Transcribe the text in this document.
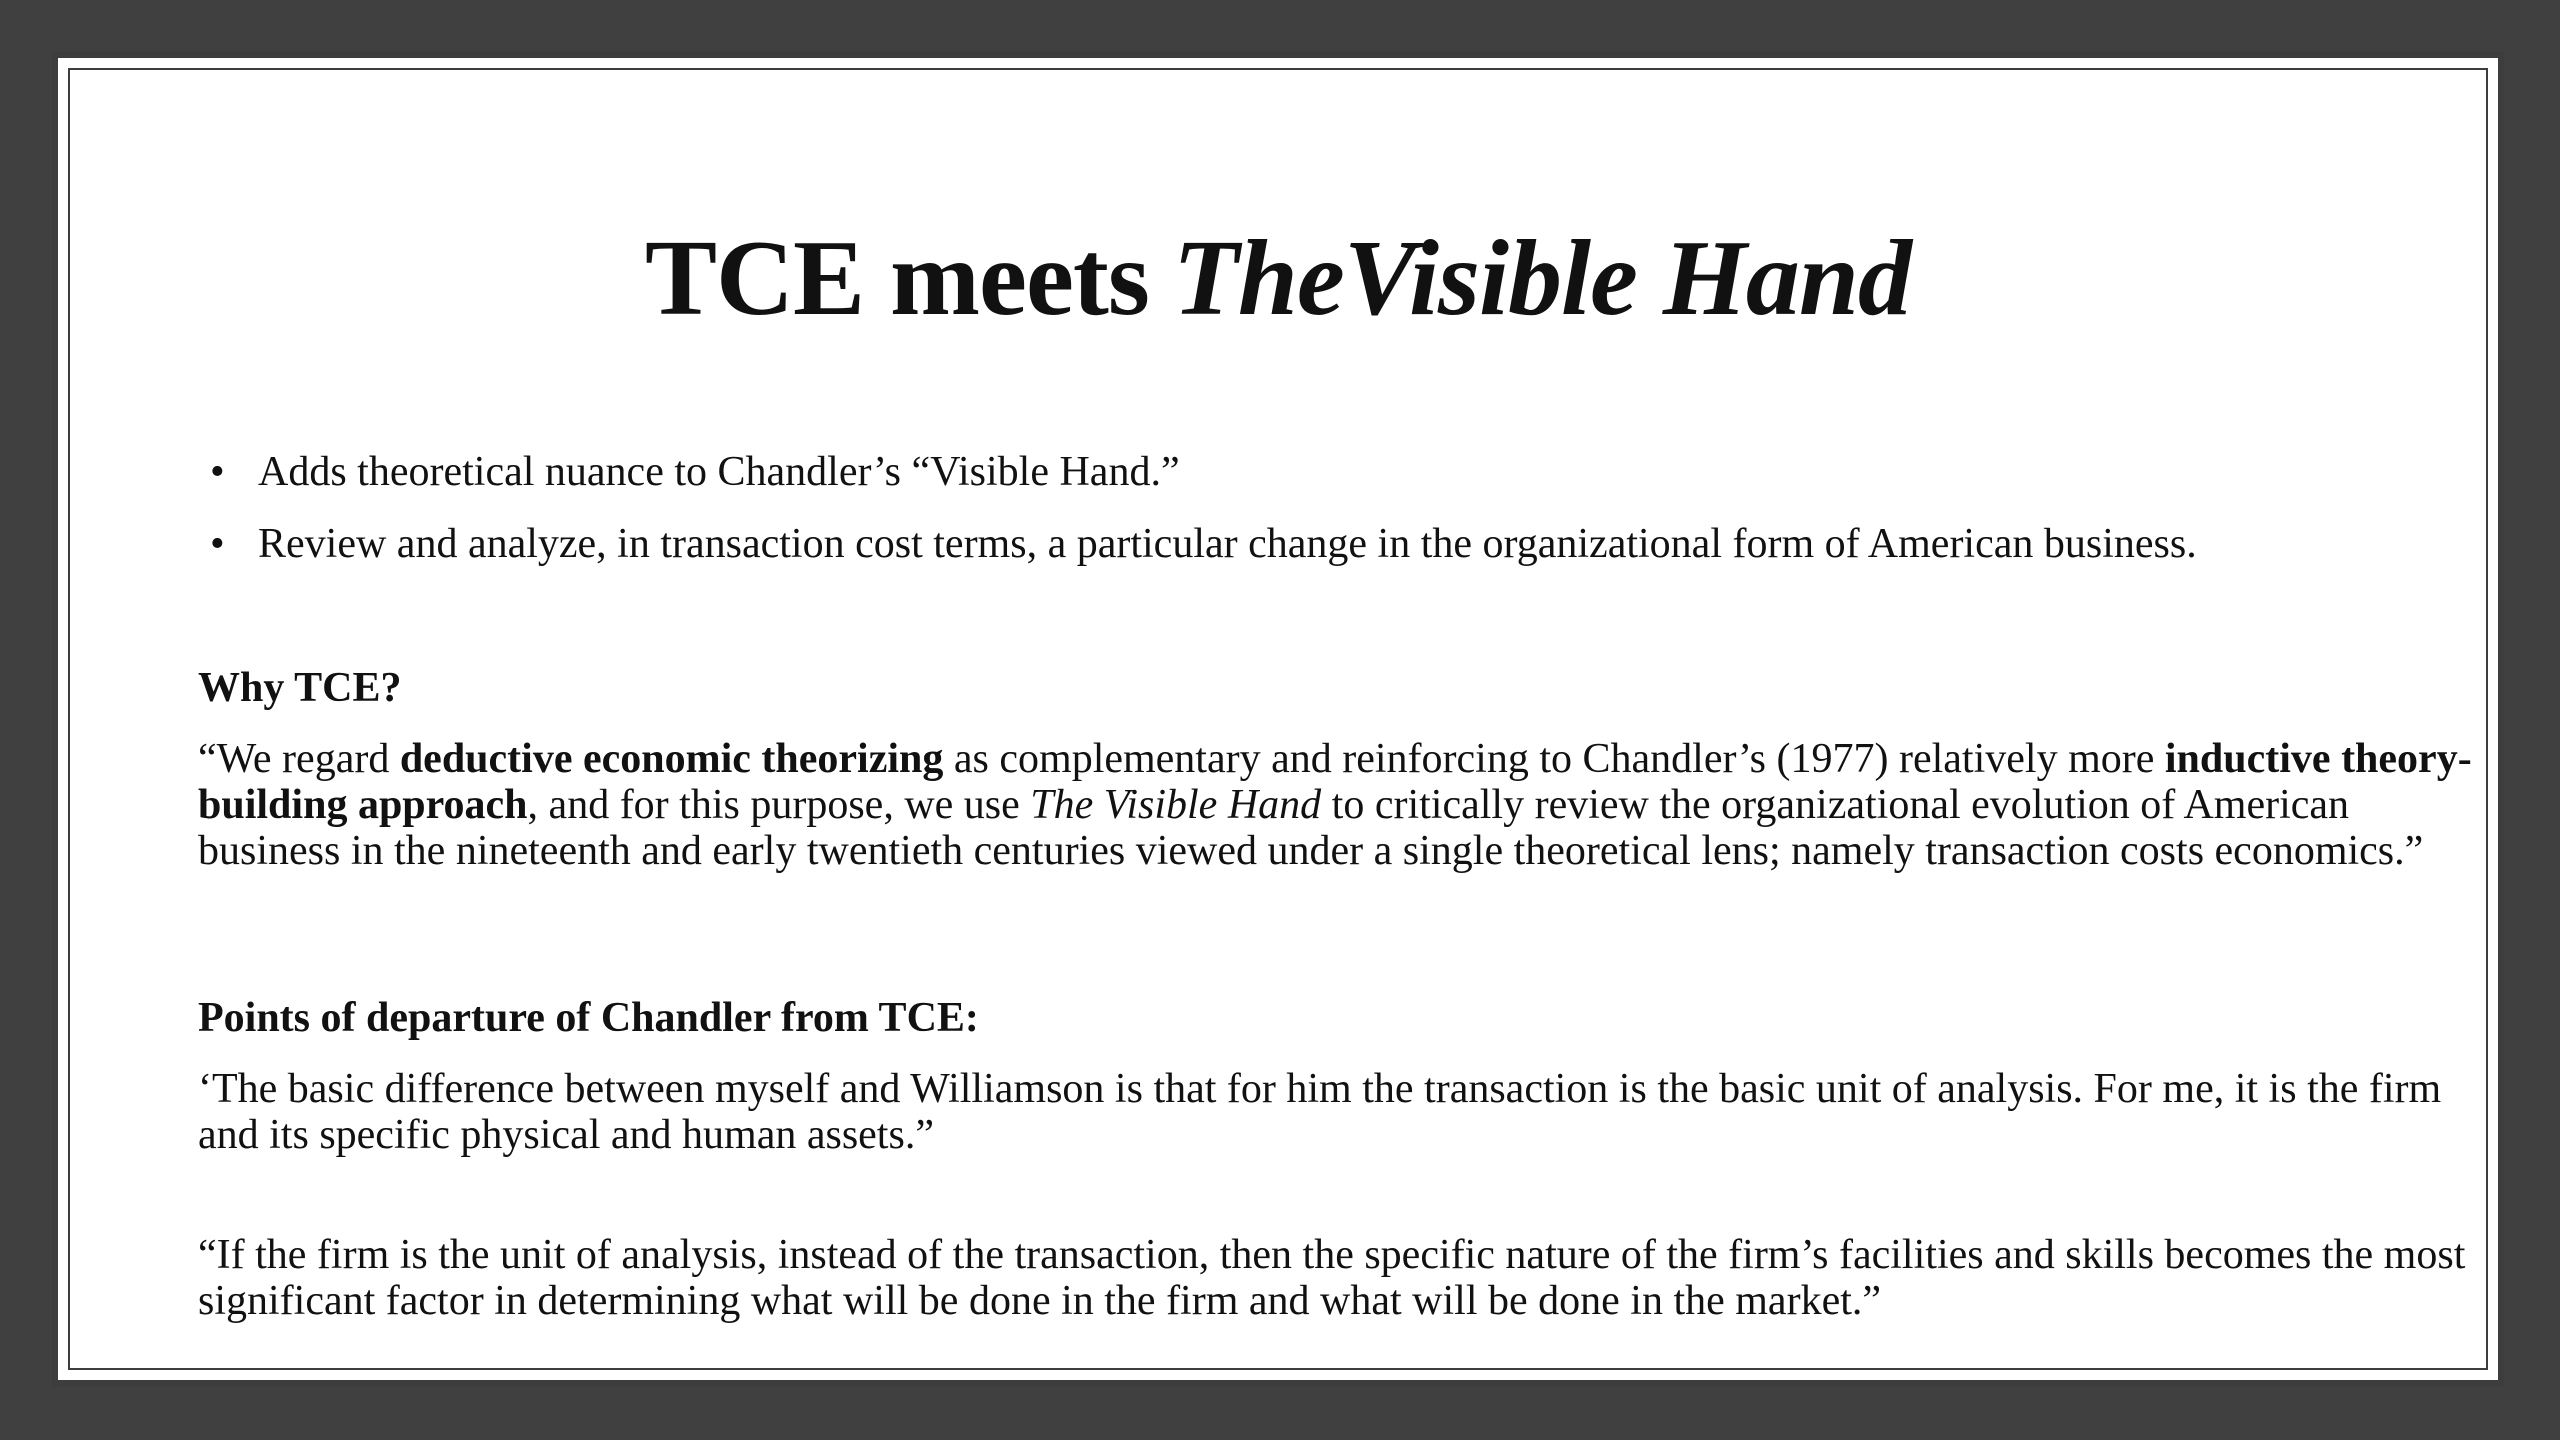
TCE meets TheVisible Hand
• Adds theoretical nuance to Chandler’s “Visible Hand.”
• Review and analyze, in transaction cost terms, a particular change in the organizational form of American business.
Why TCE?
“We regard deductive economic theorizing as complementary and reinforcing to Chandler’s (1977) relatively more inductive theory-building approach, and for this purpose, we use The Visible Hand to critically review the organizational evolution of American business in the nineteenth and early twentieth centuries viewed under a single theoretical lens; namely transaction costs economics.”
Points of departure of Chandler from TCE:
‘The basic difference between myself and Williamson is that for him the transaction is the basic unit of analysis. For me, it is the firm and its specific physical and human assets.”
“If the firm is the unit of analysis, instead of the transaction, then the specific nature of the firm’s facilities and skills becomes the most significant factor in determining what will be done in the firm and what will be done in the market.”
